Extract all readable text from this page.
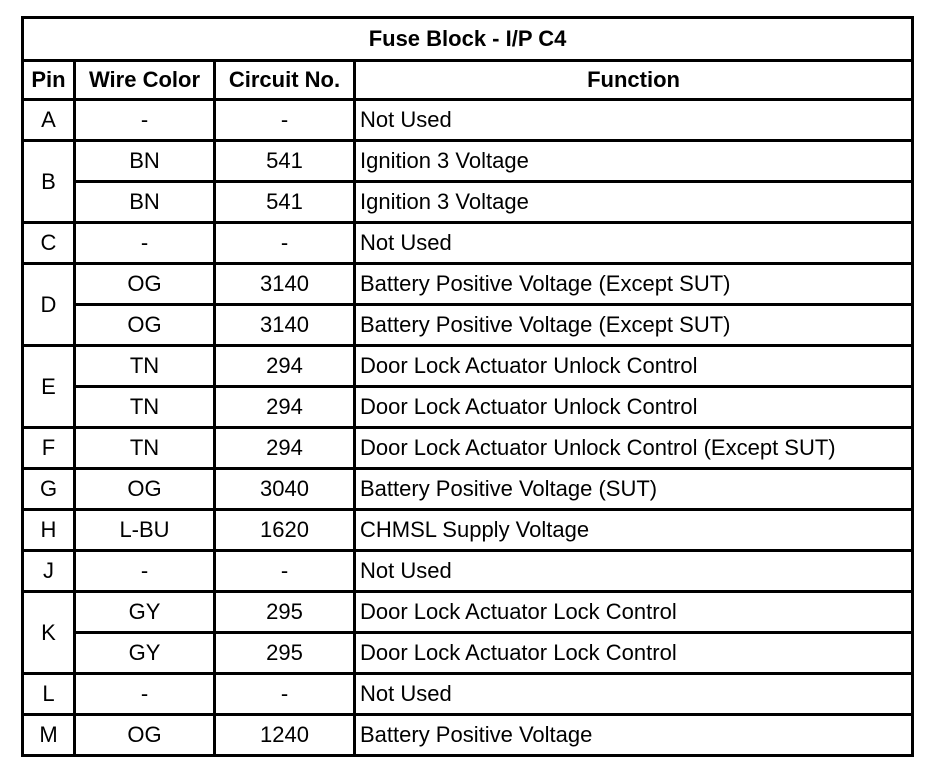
Fuse Block - I/P C4			
Pin	Wire Color	Circuit No.	Function
A	-	-	Not Used
B	BN	541	Ignition 3 Voltage
	BN	541	Ignition 3 Voltage
C	-	-	Not Used
D	OG	3140	Battery Positive Voltage (Except SUT)
	OG	3140	Battery Positive Voltage (Except SUT)
E	TN	294	Door Lock Actuator Unlock Control
	TN	294	Door Lock Actuator Unlock Control
F	TN	294	Door Lock Actuator Unlock Control (Except SUT)
G	OG	3040	Battery Positive Voltage (SUT)
H	L-BU	1620	CHMSL Supply Voltage
J	-	-	Not Used
K	GY	295	Door Lock Actuator Lock Control
	GY	295	Door Lock Actuator Lock Control
L	-	-	Not Used
M	OG	1240	Battery Positive Voltage
